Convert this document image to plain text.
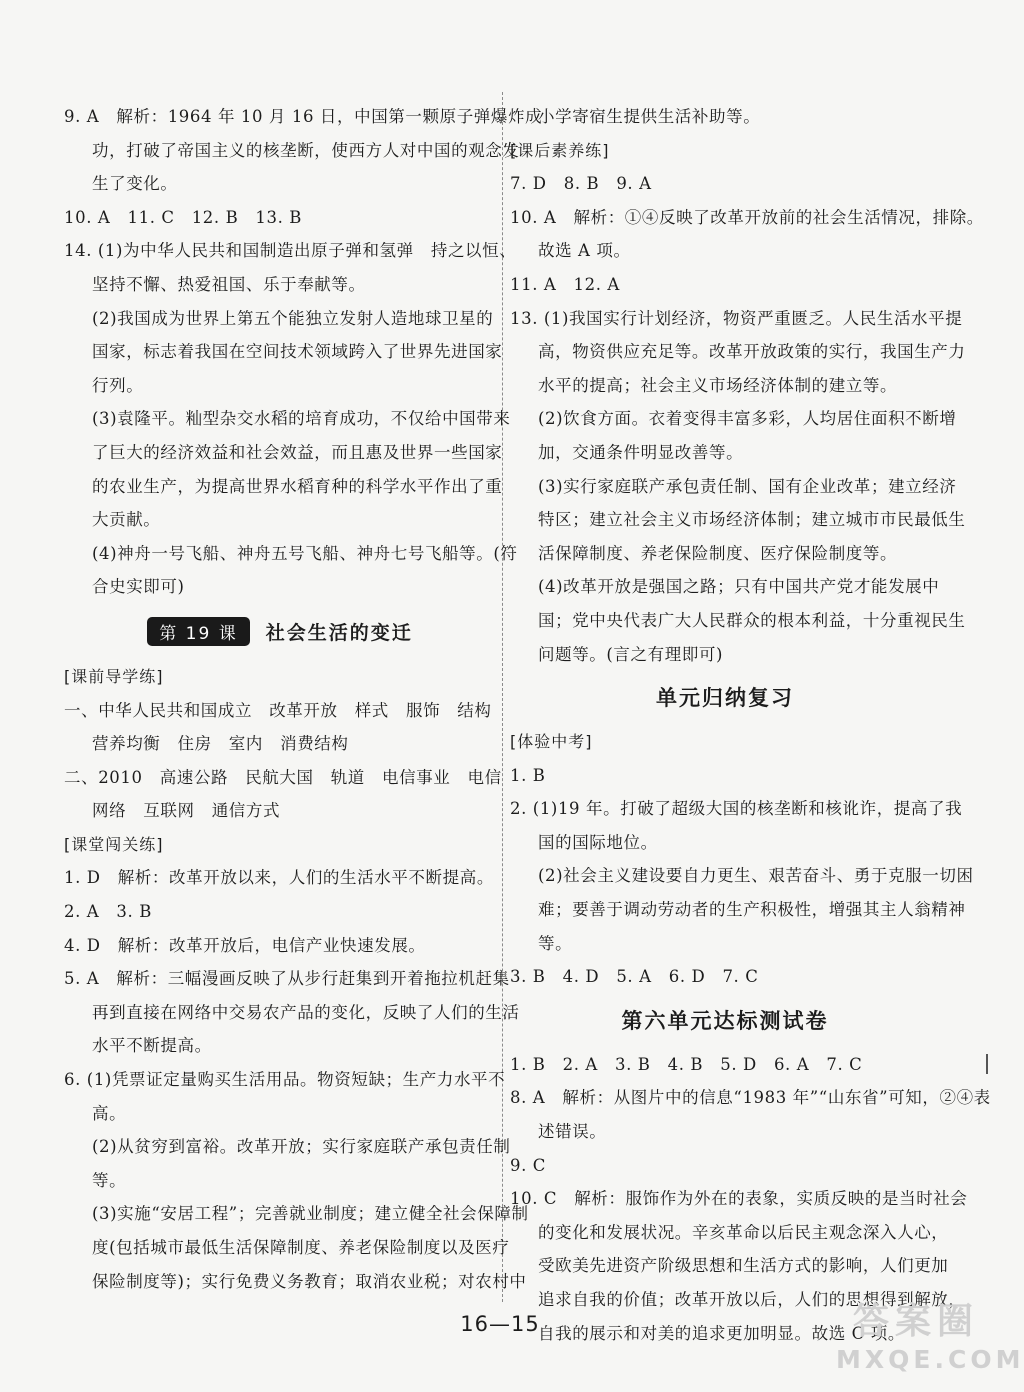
9. A　解析：1964 年 10 月 16 日，中国第一颗原子弹爆炸成
功，打破了帝国主义的核垄断，使西方人对中国的观念发
生了变化。
10. A　11. C　12. B　13. B
14. (1)为中华人民共和国制造出原子弹和氢弹　持之以恒、
坚持不懈、热爱祖国、乐于奉献等。
(2)我国成为世界上第五个能独立发射人造地球卫星的
国家，标志着我国在空间技术领域跨入了世界先进国家
行列。
(3)袁隆平。籼型杂交水稻的培育成功，不仅给中国带来
了巨大的经济效益和社会效益，而且惠及世界一些国家
的农业生产，为提高世界水稻育种的科学水平作出了重
大贡献。
(4)神舟一号飞船、神舟五号飞船、神舟七号飞船等。(符
合史实即可)
第 19 课	社会生活的变迁
[课前导学练]
一、中华人民共和国成立　改革开放　样式　服饰　结构
营养均衡　住房　室内　消费结构
二、2010　高速公路　民航大国　轨道　电信事业　电信
网络　互联网　通信方式
[课堂闯关练]
1. D　解析：改革开放以来，人们的生活水平不断提高。
2. A　3. B
4. D　解析：改革开放后，电信产业快速发展。
5. A　解析：三幅漫画反映了从步行赶集到开着拖拉机赶集
再到直接在网络中交易农产品的变化，反映了人们的生活
水平不断提高。
6. (1)凭票证定量购买生活用品。物资短缺；生产力水平不
高。
(2)从贫穷到富裕。改革开放；实行家庭联产承包责任制
等。
(3)实施“安居工程”；完善就业制度；建立健全社会保障制
度(包括城市最低生活保障制度、养老保险制度以及医疗
保险制度等)；实行免费义务教育；取消农业税；对农村中
小学寄宿生提供生活补助等。
[课后素养练]
7. D　8. B　9. A
10. A　解析：①④反映了改革开放前的社会生活情况，排除。
故选 A 项。
11. A　12. A
13. (1)我国实行计划经济，物资严重匮乏。人民生活水平提
高，物资供应充足等。改革开放政策的实行，我国生产力
水平的提高；社会主义市场经济体制的建立等。
(2)饮食方面。衣着变得丰富多彩，人均居住面积不断增
加，交通条件明显改善等。
(3)实行家庭联产承包责任制、国有企业改革；建立经济
特区；建立社会主义市场经济体制；建立城市市民最低生
活保障制度、养老保险制度、医疗保险制度等。
(4)改革开放是强国之路；只有中国共产党才能发展中
国；党中央代表广大人民群众的根本利益，十分重视民生
问题等。(言之有理即可)
单元归纳复习
[体验中考]
1. B
2. (1)19 年。打破了超级大国的核垄断和核讹诈，提高了我
国的国际地位。
(2)社会主义建设要自力更生、艰苦奋斗、勇于克服一切困
难；要善于调动劳动者的生产积极性，增强其主人翁精神
等。
3. B　4. D　5. A　6. D　7. C
第六单元达标测试卷
1. B　2. A　3. B　4. B　5. D　6. A　7. C
8. A　解析：从图片中的信息“1983 年”“山东省”可知，②④表
述错误。
9. C
10. C　解析：服饰作为外在的表象，实质反映的是当时社会
的变化和发展状况。辛亥革命以后民主观念深入人心，
受欧美先进资产阶级思想和生活方式的影响，人们更加
追求自我的价值；改革开放以后，人们的思想得到解放，
自我的展示和对美的追求更加明显。故选 C 项。
16—15	答案圈
MXQE.COM
